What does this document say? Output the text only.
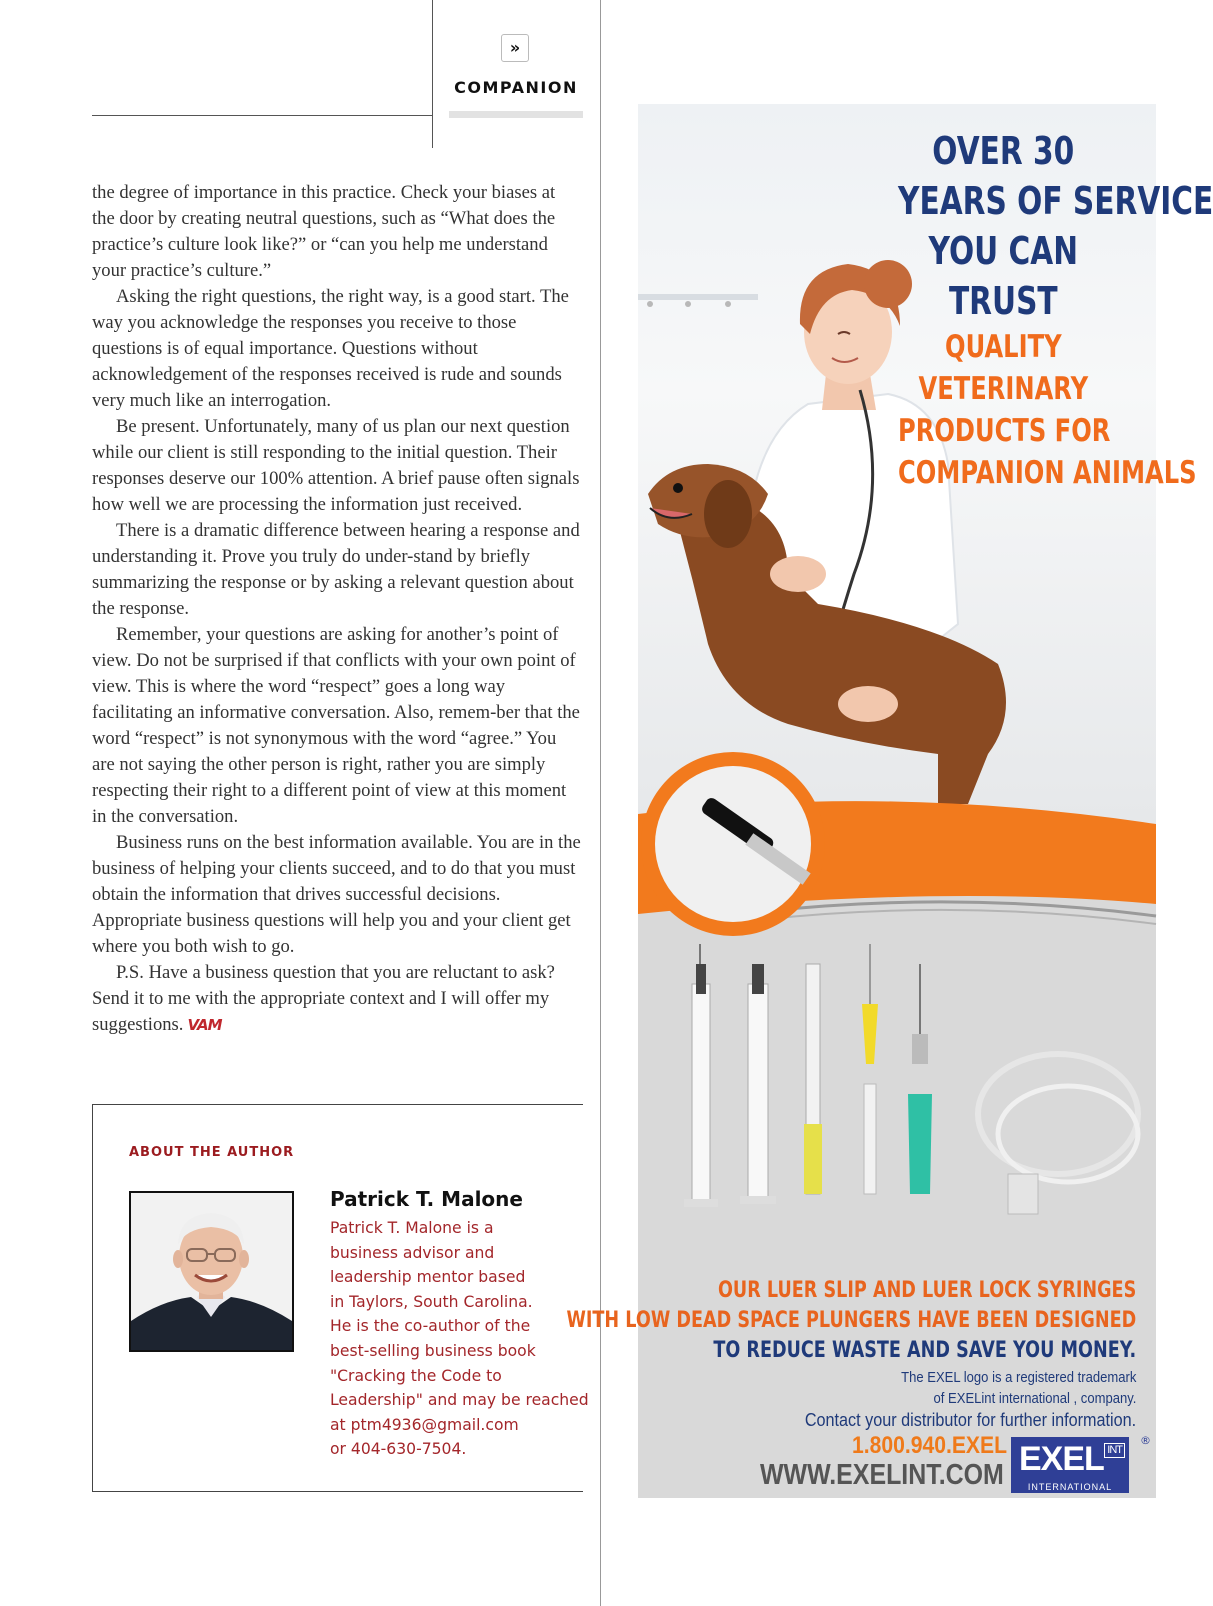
»
COMPANION

the degree of importance in this practice. Check your biases at the door by creating neutral questions, such as “What does the practice’s culture look like?” or “can you help me understand your practice’s culture.”

Asking the right questions, the right way, is a good start. The way you acknowledge the responses you receive to those questions is of equal importance. Questions without acknowledgement of the responses received is rude and sounds very much like an interrogation.

Be present. Unfortunately, many of us plan our next question while our client is still responding to the initial question. Their responses deserve our 100% attention. A brief pause often signals how well we are processing the information just received.

There is a dramatic difference between hearing a response and understanding it. Prove you truly do under-stand by briefly summarizing the response or by asking a relevant question about the response.

Remember, your questions are asking for another’s point of view. Do not be surprised if that conflicts with your own point of view. This is where the word “respect” goes a long way facilitating an informative conversation. Also, remem-ber that the word “respect” is not synonymous with the word “agree.” You are not saying the other person is right, rather you are simply respecting their right to a different point of view at this moment in the conversation.

Business runs on the best information available. You are in the business of helping your clients succeed, and to do that you must obtain the information that drives successful decisions. Appropriate business questions will help you and your client get where you both wish to go.

P.S. Have a business question that you are reluctant to ask? Send it to me with the appropriate context and I will offer my suggestions. VAM

ABOUT THE AUTHOR
Patrick T. Malone
Patrick T. Malone is a
business advisor and
leadership mentor based
in Taylors, South Carolina.
He is the co-author of the
best-selling business book
"Cracking the Code to
Leadership" and may be reached
at ptm4936@gmail.com
or 404-630-7504.
OVER 30
YEARS OF SERVICE
YOU CAN
TRUST
QUALITY
VETERINARY
PRODUCTS FOR
COMPANION ANIMALS
OUR LUER SLIP AND LUER LOCK SYRINGES
WITH LOW DEAD SPACE PLUNGERS HAVE BEEN DESIGNED
TO REDUCE WASTE AND SAVE YOU MONEY.
The EXEL logo is a registered trademark
of EXELint international , company.
Contact your distributor for further information.
1.800.940.EXEL
WWW.EXELINT.COM EXEL INT
INTERNATIONAL
®
